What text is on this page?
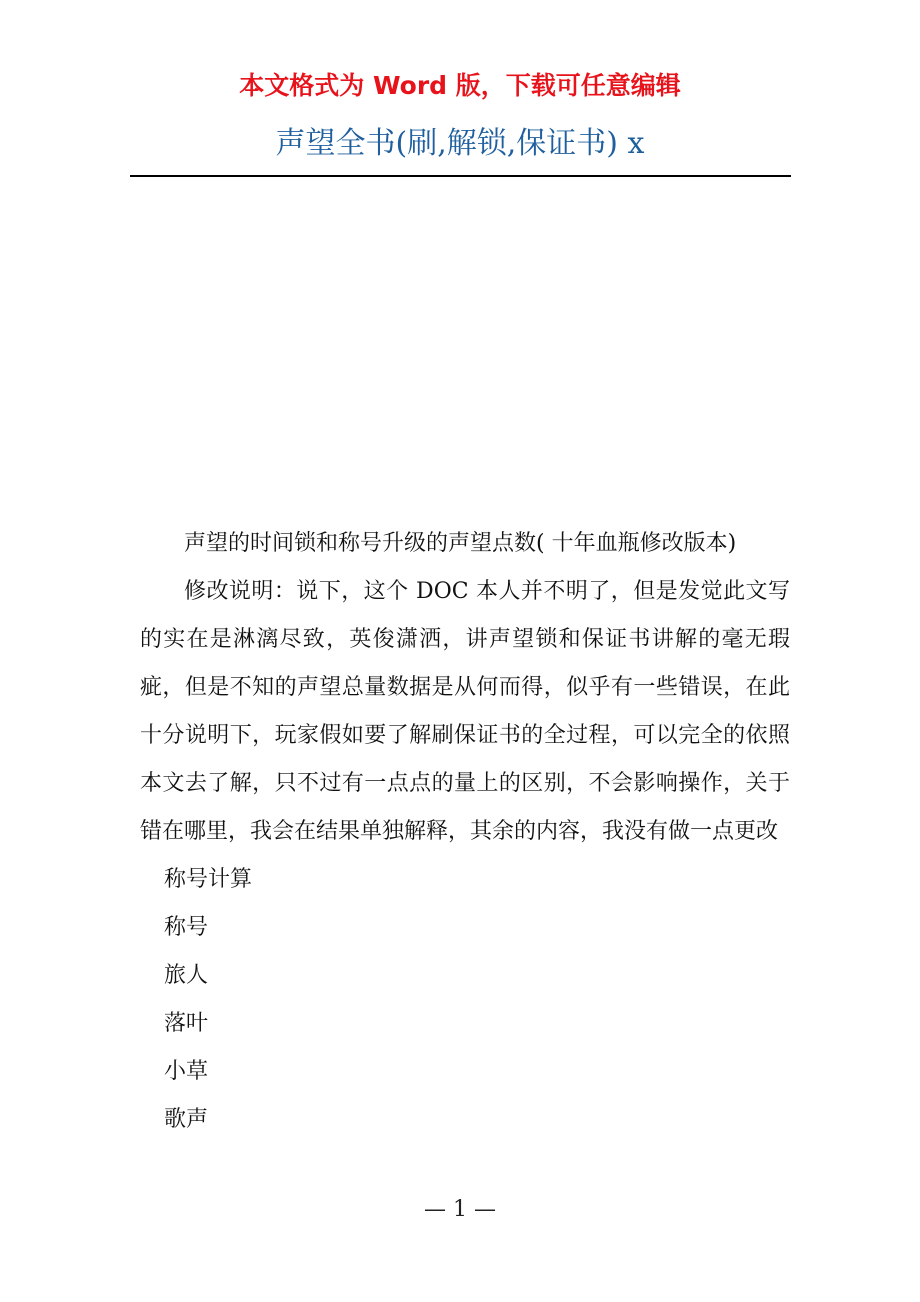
本文格式为 Word 版，下载可任意编辑
声望全书(刷,解锁,保证书) x

声望的时间锁和称号升级的声望点数( 十年血瓶修改版本)

修改说明：说下，这个 DOC 本人并不明了，但是发觉此文写的实在是淋漓尽致，英俊潇洒，讲声望锁和保证书讲解的毫无瑕疵，但是不知的声望总量数据是从何而得，似乎有一些错误，在此十分说明下，玩家假如要了解刷保证书的全过程，可以完全的依照本文去了解，只不过有一点点的量上的区别，不会影响操作，关于错在哪里，我会在结果单独解释，其余的内容，我没有做一点更改

称号计算

称号

旅人

落叶

小草

歌声

— 1 —
